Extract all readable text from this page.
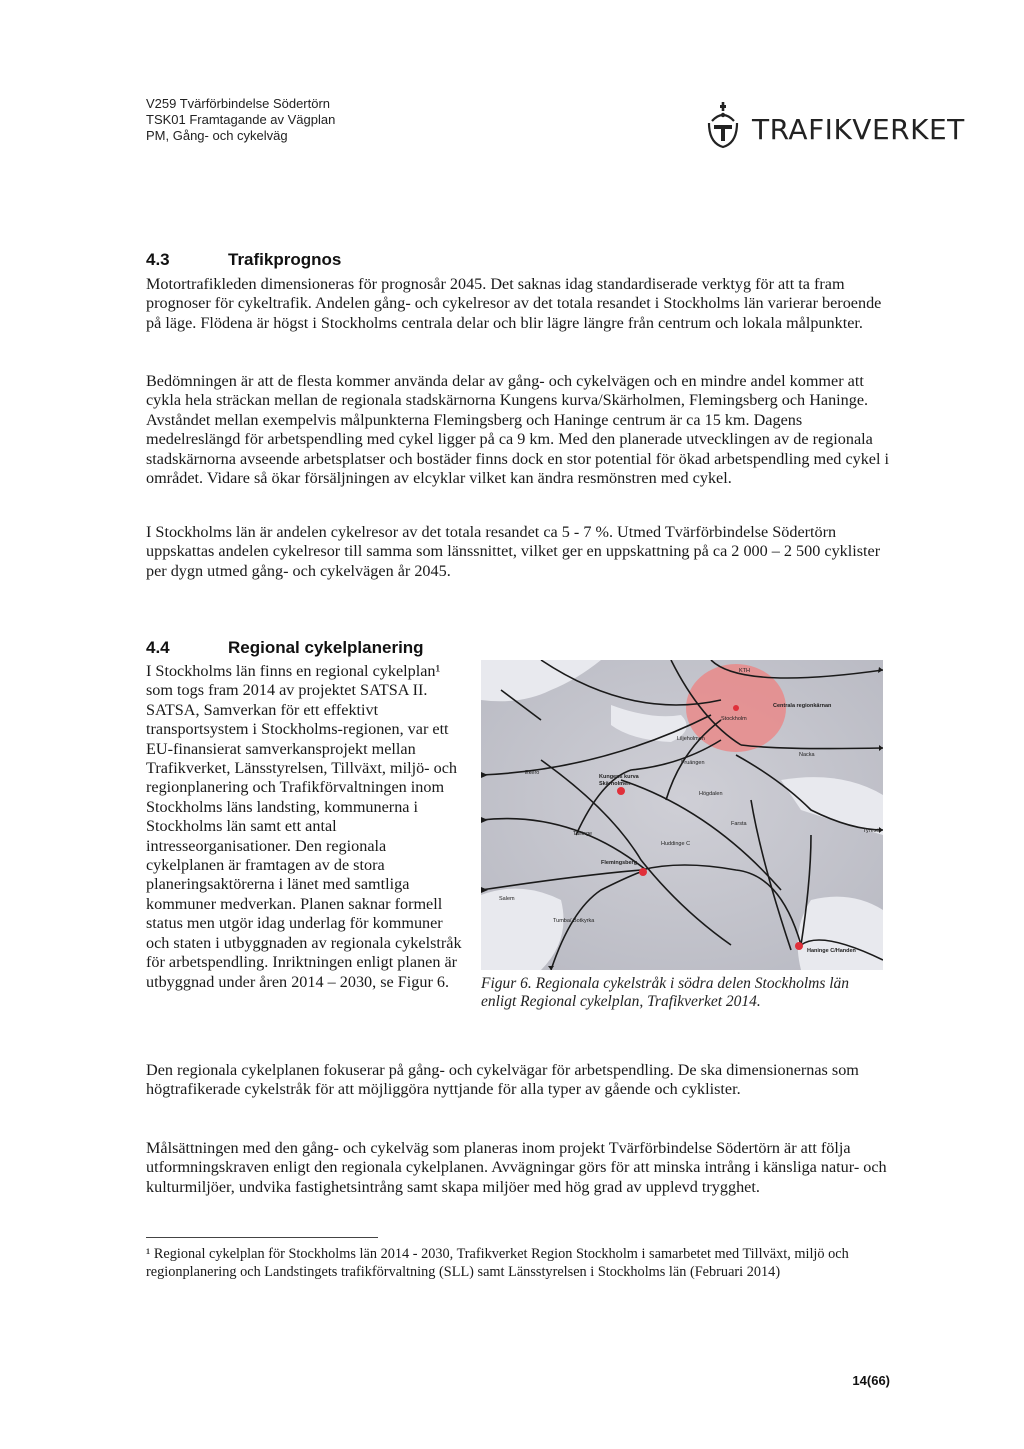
V259 Tvärförbindelse Södertörn
TSK01 Framtagande av Vägplan
PM, Gång- och cykelväg	TRAFIKVERKET
4.3	Trafikprognos

Motortrafikleden dimensioneras för prognosår 2045. Det saknas idag standardiserade verktyg för att ta fram prognoser för cykeltrafik. Andelen gång- och cykelresor av det totala resandet i Stockholms län varierar beroende på läge. Flödena är högst i Stockholms centrala delar och blir lägre längre från centrum och lokala målpunkter.

Bedömningen är att de flesta kommer använda delar av gång- och cykelvägen och en mindre andel kommer att cykla hela sträckan mellan de regionala stadskärnorna Kungens kurva/Skärholmen, Flemingsberg och Haninge. Avståndet mellan exempelvis målpunkterna Flemingsberg och Haninge centrum är ca 15 km. Dagens medelreslängd för arbetspendling med cykel ligger på ca 9 km. Med den planerade utvecklingen av de regionala stadskärnorna avseende arbetsplatser och bostäder finns dock en stor potential för ökad arbetspendling med cykel i området. Vidare så ökar försäljningen av elcyklar vilket kan ändra resmönstren med cykel.

I Stockholms län är andelen cykelresor av det totala resandet ca 5 - 7 %. Utmed Tvärförbindelse Södertörn uppskattas andelen cykelresor till samma som länssnittet, vilket ger en uppskattning på ca 2 000 – 2 500 cyklister per dygn utmed gång- och cykelvägen år 2045.

4.4	Regional cykelplanering

I Stockholms län finns en regional cykelplan¹ som togs fram 2014 av projektet SATSA II. SATSA, Samverkan för ett effektivt transportsystem i Stockholms-regionen, var ett EU-finansierat samverkansprojekt mellan Trafikverket, Länsstyrelsen, Tillväxt, miljö- och regionplanering och Trafikförvaltningen inom Stockholms läns landsting, kommunerna i Stockholms län samt ett antal intresseorganisationer. Den regionala cykelplanen är framtagen av de stora planeringsaktörerna i länet med samtliga kommuner medverkan. Planen saknar formell status men utgör idag underlag för kommuner och staten i utbyggnaden av regionala cykelstråk för arbetspendling. Inriktningen enligt planen är utbyggnad under åren 2014 – 2030, se Figur 6.

KTH
Centrala regionkärnan
Stockholm
Liljeholmen
Nacka
Ekerö
Kungens kurva
Skärholmen
Fruängen
Högdalen
Farsta
Tyresö
Flemingsberg
Huddinge C
Tullinge
Salem
Tumba/ Botkyrka
Haninge C/Handen
Figur 6. Regionala cykelstråk i södra delen Stockholms län enligt Regional cykelplan, Trafikverket 2014.

Den regionala cykelplanen fokuserar på gång- och cykelvägar för arbetspendling. De ska dimensionernas som högtrafikerade cykelstråk för att möjliggöra nyttjande för alla typer av gående och cyklister.

Målsättningen med den gång- och cykelväg som planeras inom projekt Tvärförbindelse Södertörn är att följa utformningskraven enligt den regionala cykelplanen. Avvägningar görs för att minska intrång i känsliga natur- och kulturmiljöer, undvika fastighetsintrång samt skapa miljöer med hög grad av upplevd trygghet.

¹ Regional cykelplan för Stockholms län 2014 - 2030, Trafikverket Region Stockholm i samarbetet med Tillväxt, miljö och regionplanering och Landstingets trafikförvaltning (SLL) samt Länsstyrelsen i Stockholms län (Februari 2014)
14(66)
